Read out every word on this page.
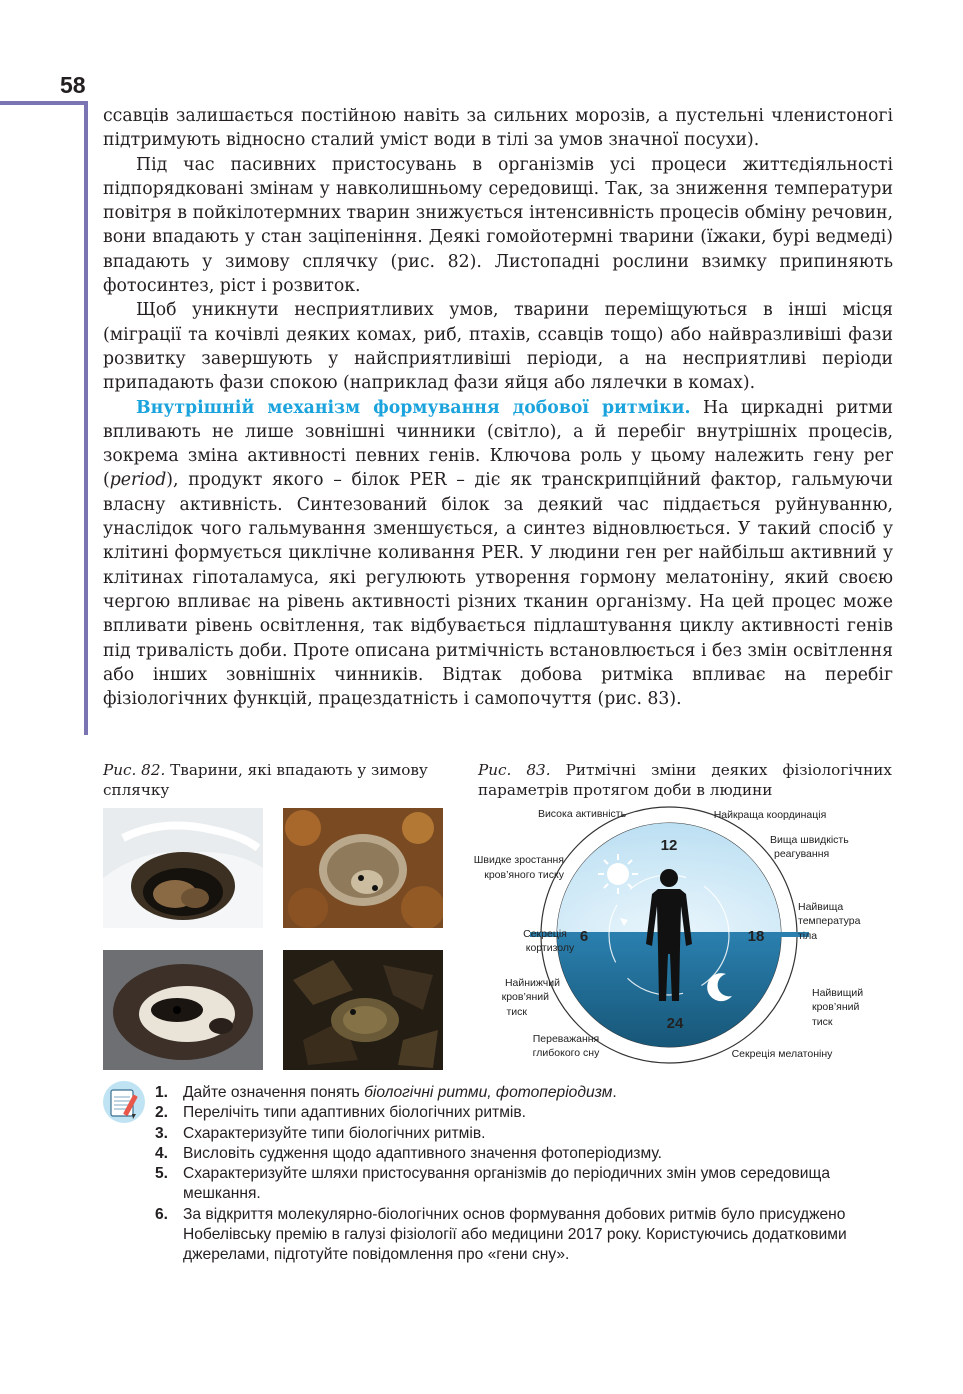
58

ссавців залишається постійною навіть за сильних морозів, а пустельні членистоногі підтримують відносно сталий уміст води в тілі за умов значної посухи).

Під час пасивних пристосувань в організмів усі процеси життєдіяльності підпорядковані змінам у навколишньому середовищі. Так, за зниження температури повітря в пойкілотермних тварин знижується інтенсивність процесів обміну речовин, вони впадають у стан заціпеніння. Деякі гомойотермні тварини (їжаки, бурі ведмеді) впадають у зимову сплячку (рис. 82). Листопадні рослини взимку припиняють фотосинтез, ріст і розвиток.

Щоб уникнути несприятливих умов, тварини переміщуються в інші місця (міграції та кочівлі деяких комах, риб, птахів, ссавців тощо) або найвразливіші фази розвитку завершують у найсприятливіші періоди, а на несприятливі періоди припадають фази спокою (наприклад фази яйця або лялечки в комах).

Внутрішній механізм формування добової ритміки. На циркадні ритми впливають не лише зовнішні чинники (світло), а й перебіг внутрішніх процесів, зокрема зміна активності певних генів. Ключова роль у цьому належить гену per (period), продукт якого – білок PER – діє як транскрипційний фактор, гальмуючи власну активність. Синтезований білок за деякий час піддається руйнуванню, унаслідок чого гальмування зменшується, а синтез відновлюється. У такий спосіб у клітині формується циклічне коливання PER. У людини ген per найбільш активний у клітинах гіпоталамуса, які регулюють утворення гормону мелатоніну, який своєю чергою впливає на рівень активності різних тканин організму. На цей процес може впливати рівень освітлення, так відбувається підлаштування циклу активності генів під тривалість доби. Проте описана ритмічність встановлюється і без змін освітлення або інших зовнішніх чинників. Відтак добова ритміка впливає на перебіг фізіологічних функцій, працездатність і самопочуття (рис. 83).

Рис. 82. Тварини, які впадають у зимову сплячку
Рис. 83. Ритмічні зміни деяких фізіологічних параметрів протягом доби в людини
12
18
24
6
Висока активність	Найкраща координація
Вища швидкість
реагування
Швидке зростання
кров’яного тиску
Найвища
температура
тіла
Секреція
кортизолу
Найнижчий
кров’яний
тиск
Найвищий
кров’яний
тиск
Переважання
глибокого сну	Секреція мелатоніну
1. Дайте означення понять біологічні ритми, фотоперіодизм.
2. Перелічіть типи адаптивних біологічних ритмів.
3. Схарактеризуйте типи біологічних ритмів.
4. Висловіть судження щодо адаптивного значення фотоперіодизму.
5. Схарактеризуйте шляхи пристосування організмів до періодичних змін умов середовища мешкання.
6. За відкриття молекулярно-біологічних основ формування добових ритмів було присуджено Нобелівську премію в галузі фізіології або медицини 2017 року. Користуючись додатковими джерелами, підготуйте повідомлення про «гени сну».
